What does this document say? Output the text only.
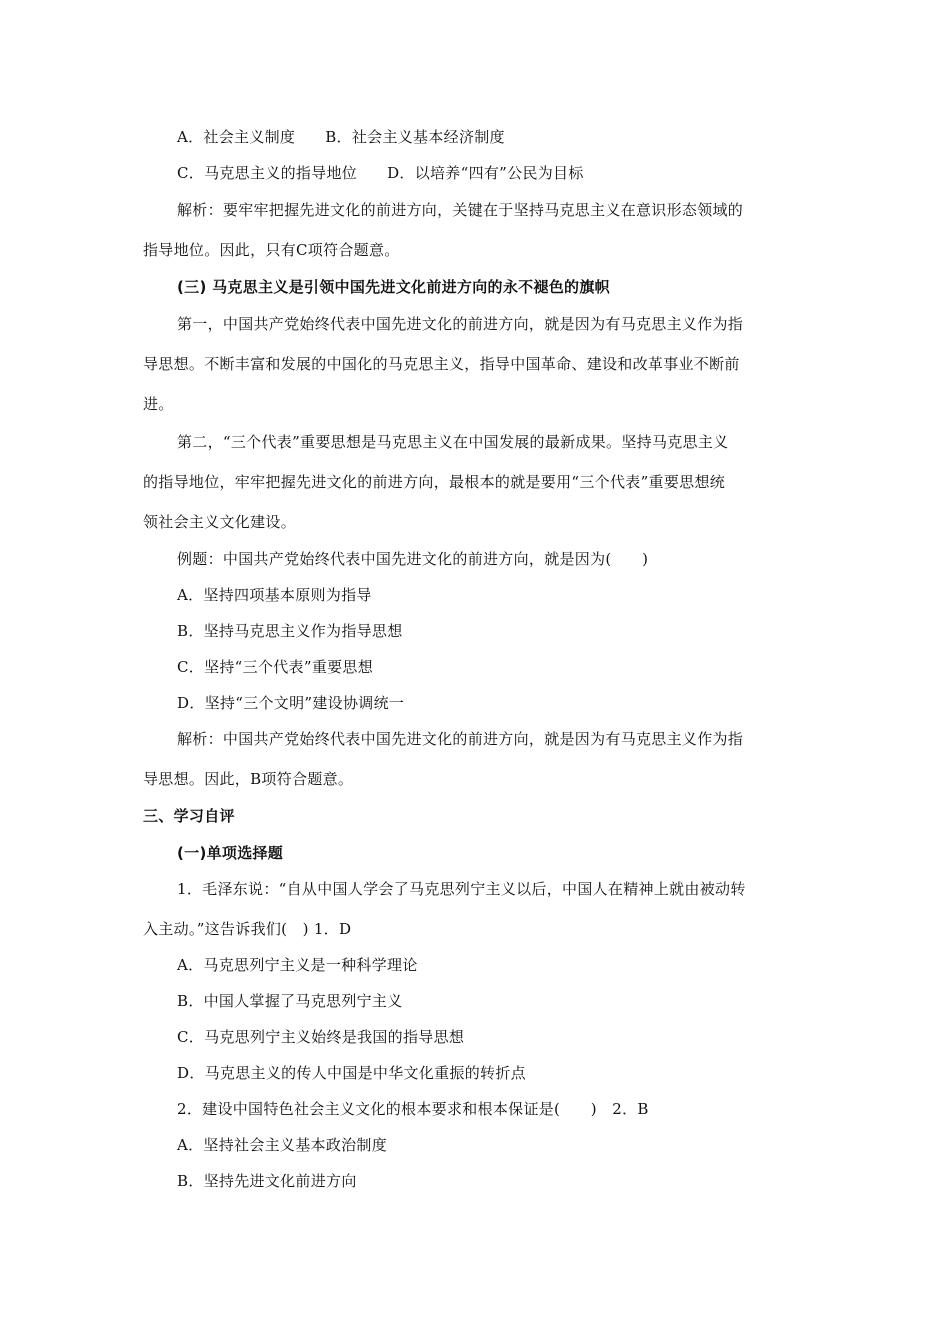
A．社会主义制度 B．社会主义基本经济制度
C．马克思主义的指导地位 D．以培养“四有”公民为目标
解析：要牢牢把握先进文化的前进方向，关键在于坚持马克思主义在意识形态领域的
指导地位。因此，只有C项符合题意。
(三) 马克思主义是引领中国先进文化前进方向的永不褪色的旗帜
第一，中国共产党始终代表中国先进文化的前进方向，就是因为有马克思主义作为指
导思想。不断丰富和发展的中国化的马克思主义，指导中国革命、建设和改革事业不断前
进。
第二，“三个代表”重要思想是马克思主义在中国发展的最新成果。坚持马克思主义
的指导地位，牢牢把握先进文化的前进方向，最根本的就是要用“三个代表”重要思想统
领社会主义文化建设。
例题：中国共产党始终代表中国先进文化的前进方向，就是因为(　　)
A．坚持四项基本原则为指导
B．坚持马克思主义作为指导思想
C．坚持“三个代表”重要思想
D．坚持“三个文明”建设协调统一
解析：中国共产党始终代表中国先进文化的前进方向，就是因为有马克思主义作为指
导思想。因此，B项符合题意。
三、学习自评
(一)单项选择题
1．毛泽东说：“自从中国人学会了马克思列宁主义以后，中国人在精神上就由被动转
入主动。”这告诉我们(　) 1．D
A．马克思列宁主义是一种科学理论
B．中国人掌握了马克思列宁主义
C．马克思列宁主义始终是我国的指导思想
D．马克思主义的传人中国是中华文化重振的转折点
2．建设中国特色社会主义文化的根本要求和根本保证是(　　)　2．B
A．坚持社会主义基本政治制度
B．坚持先进文化前进方向
